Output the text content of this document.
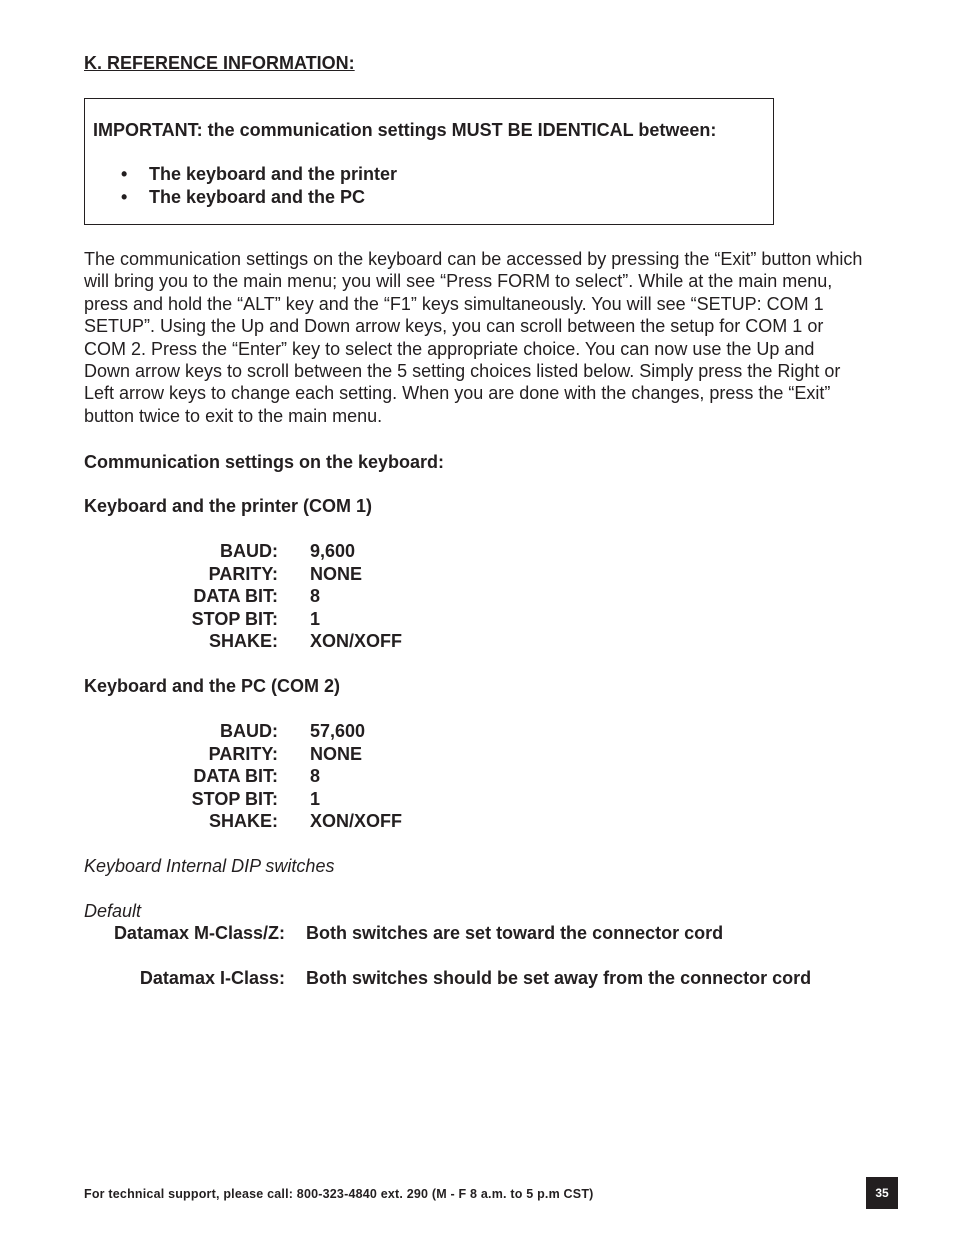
K. REFERENCE INFORMATION:
IMPORTANT: the communication settings MUST BE IDENTICAL between:
• The keyboard and the printer
• The keyboard and the PC
The communication settings on the keyboard can be accessed by pressing the “Exit” button which
will bring you to the main menu; you will see “Press FORM to select”. While at the main menu,
press and hold the “ALT” key and the “F1” keys simultaneously. You will see “SETUP: COM 1
SETUP”. Using the Up and Down arrow keys, you can scroll between the setup for COM 1 or
COM 2. Press the “Enter” key to select the appropriate choice. You can now use the Up and
Down arrow keys to scroll between the 5 setting choices listed below. Simply press the Right or
Left arrow keys to change each setting. When you are done with the changes, press the “Exit”
button twice to exit to the main menu.
Communication settings on the keyboard:
Keyboard and the printer (COM 1)
BAUD: 9,600
PARITY: NONE
DATA BIT: 8
STOP BIT: 1
SHAKE: XON/XOFF
Keyboard and the PC (COM 2)
BAUD: 57,600
PARITY: NONE
DATA BIT: 8
STOP BIT: 1
SHAKE: XON/XOFF
Keyboard Internal DIP switches
Default
Datamax M-Class/Z: Both switches are set toward the connector cord
Datamax I-Class: Both switches should be set away from the connector cord
For technical support, please call: 800-323-4840 ext. 290 (M - F 8 a.m. to 5 p.m CST)	35
